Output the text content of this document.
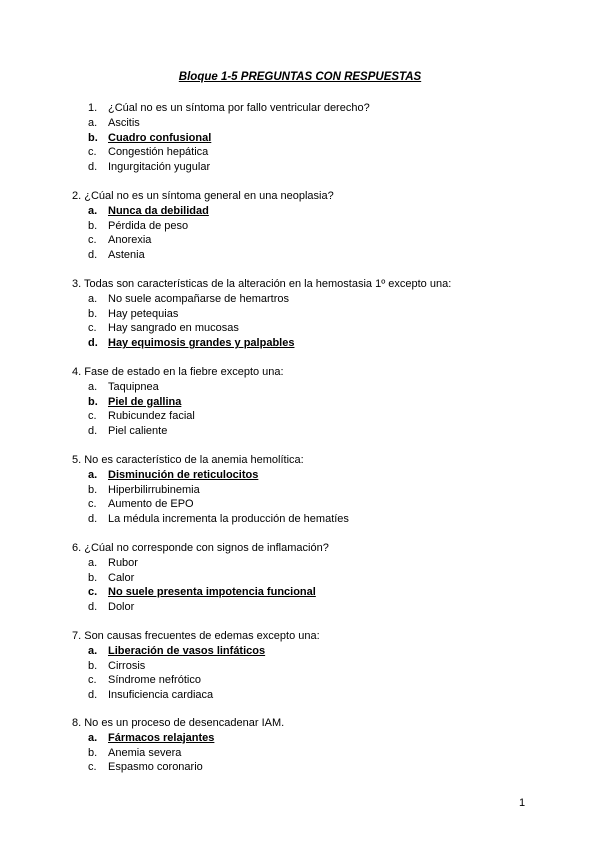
Bloque 1-5 PREGUNTAS CON RESPUESTAS
1. ¿Cúal no es un síntoma por fallo ventricular derecho?
a. Ascitis
b. Cuadro confusional
c. Congestión hepática
d. Ingurgitación yugular
2. ¿Cúal no es un síntoma general en una neoplasia?
a. Nunca da debilidad
b. Pérdida de peso
c. Anorexia
d. Astenia
3. Todas son características de la alteración en la hemostasia 1º excepto una:
a. No suele acompañarse de hemartros
b. Hay petequias
c. Hay sangrado en mucosas
d. Hay equimosis grandes y palpables
4. Fase de estado en la fiebre excepto una:
a. Taquipnea
b. Piel de gallina
c. Rubicundez facial
d. Piel caliente
5. No es característico de la anemia hemolítica:
a. Disminución de reticulocitos
b. Hiperbilirrubinemia
c. Aumento de EPO
d. La médula incrementa la producción de hematíes
6. ¿Cúal no corresponde con signos de inflamación?
a. Rubor
b. Calor
c. No suele presenta impotencia funcional
d. Dolor
7. Son causas frecuentes de edemas excepto una:
a. Liberación de vasos linfáticos
b. Cirrosis
c. Síndrome nefrótico
d. Insuficiencia cardiaca
8. No es un proceso de desencadenar IAM.
a. Fármacos relajantes
b. Anemia severa
c. Espasmo coronario
1
